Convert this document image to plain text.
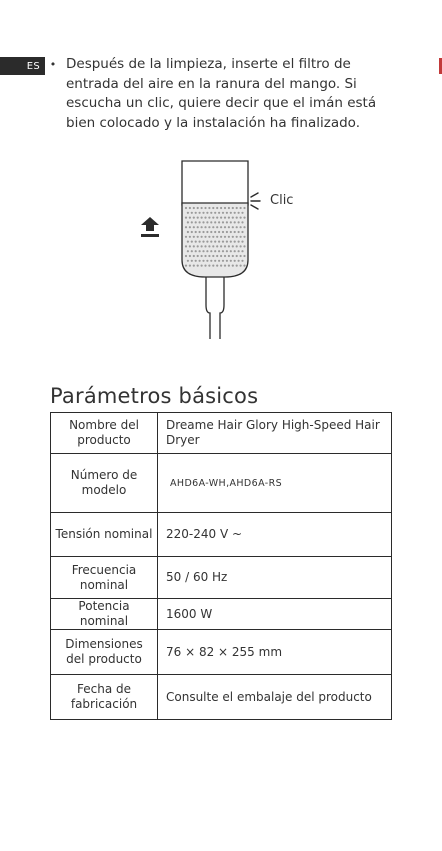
ES • Después de la limpieza, inserte el filtro de entrada del aire en la ranura del mango. Si escucha un clic, quiere decir que el imán está bien colocado y la instalación ha finalizado.
Clic
Parámetros básicos
Nombre del producto	Dreame Hair Glory High-Speed Hair Dryer
Número de modelo	AHD6A-WH,AHD6A-RS
Tensión nominal	220-240 V ~
Frecuencia nominal	50 / 60 Hz
Potencia nominal	1600 W
Dimensiones del producto	76 × 82 × 255 mm
Fecha de fabricación	Consulte el embalaje del producto
